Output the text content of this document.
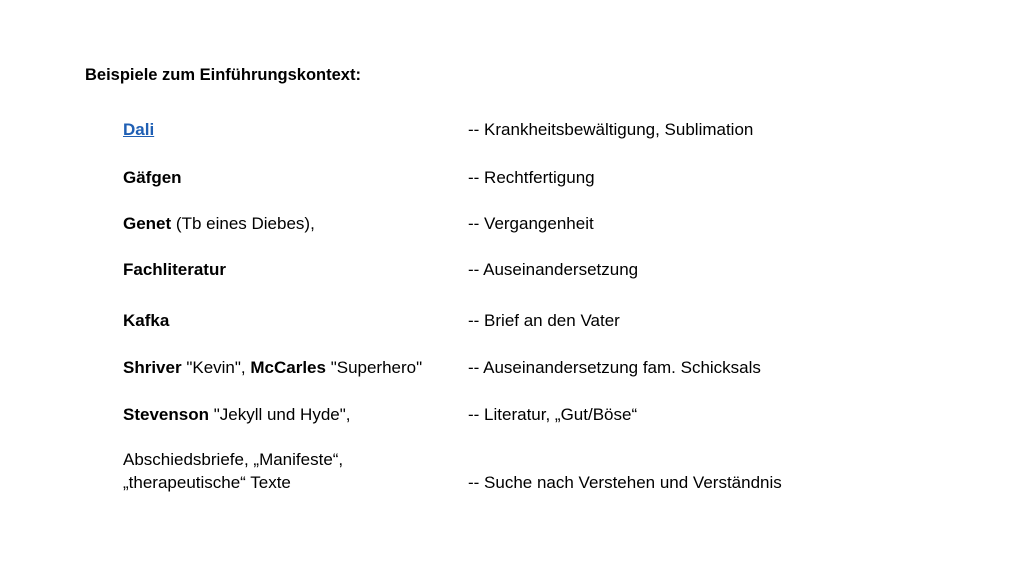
Beispiele zum Einführungskontext:
Dali	-- Krankheitsbewältigung, Sublimation
Gäfgen	-- Rechtfertigung
Genet (Tb eines Diebes),	-- Vergangenheit
Fachliteratur	-- Auseinandersetzung
Kafka	-- Brief an den Vater
Shriver "Kevin", McCarles "Superhero"	-- Auseinandersetzung fam. Schicksals
Stevenson "Jekyll und Hyde",	-- Literatur, „Gut/Böse“
Abschiedsbriefe, „Manifeste“,
„therapeutische“ Texte	-- Suche nach Verstehen und Verständnis
